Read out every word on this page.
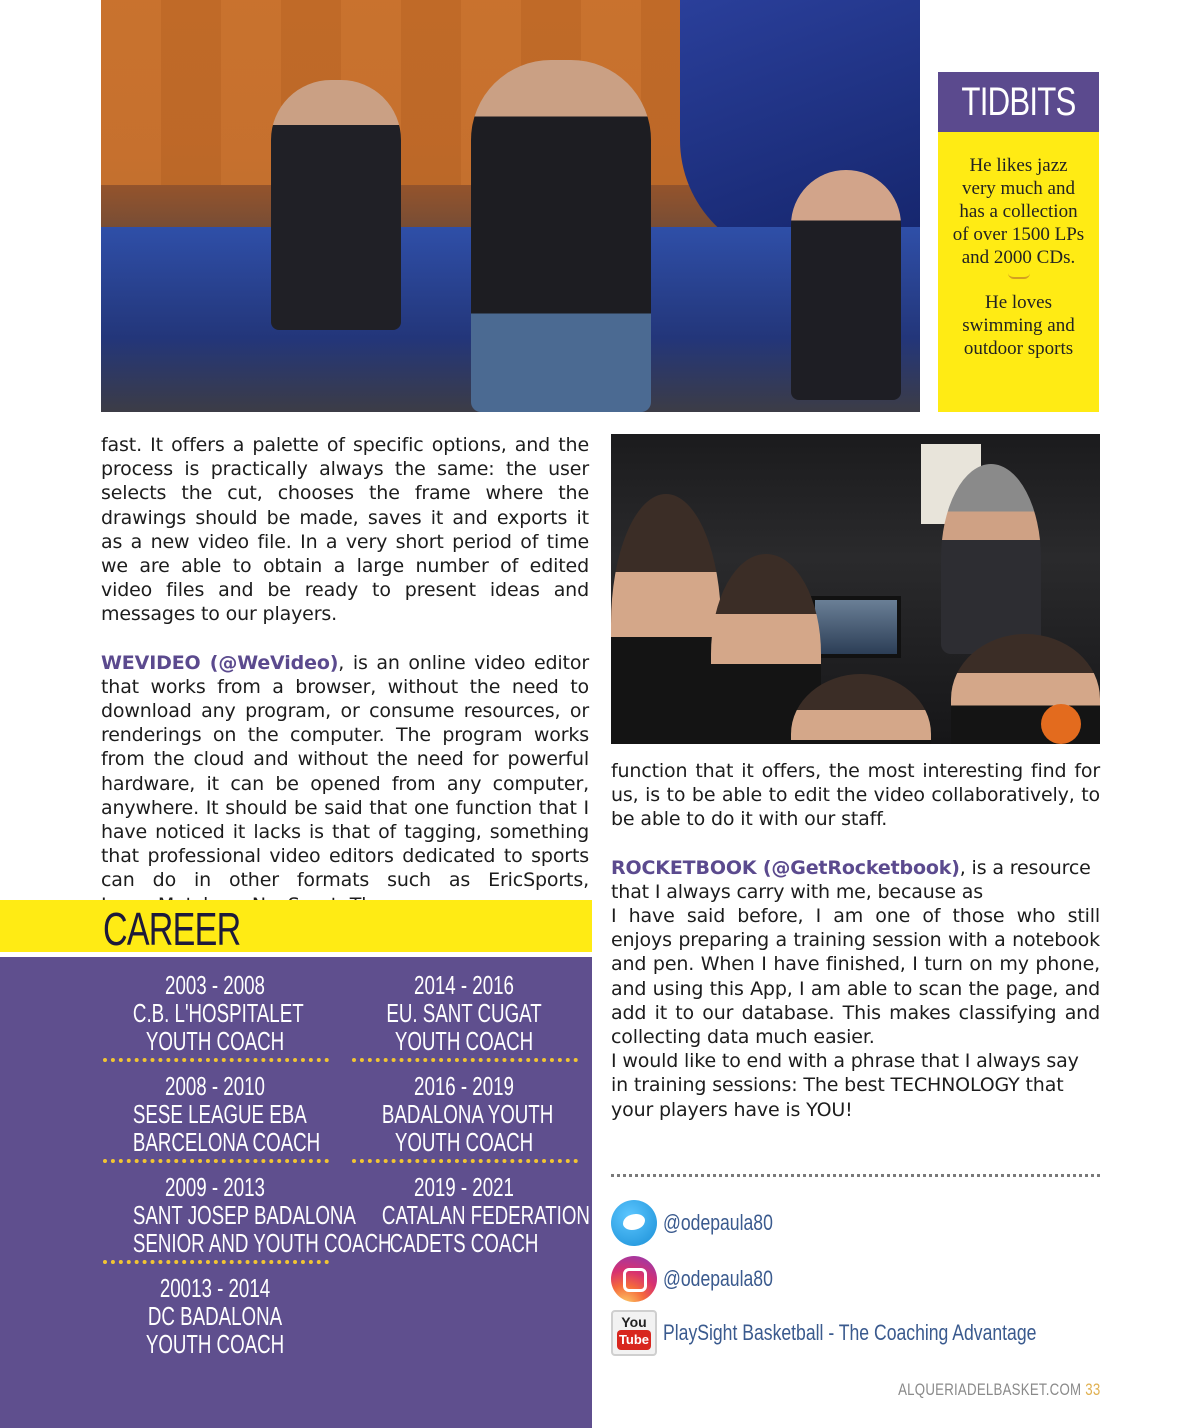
TIDBITS
He likes jazz very much and has a collection of over 1500 LPs and 2000 CDs.
He loves swimming and outdoor sports
fast. It offers a palette of specific options, and the process is practically always the same: the user selects the cut, chooses the frame where the drawings should be made, saves it and exports it as a new video file. In a very short period of time we are able to obtain a large number of edited video files and be ready to present ideas and messages to our players.
WEVIDEO (@WeVideo), is an online video editor that works from a browser, without the need to download any program, or consume resources, or renderings on the computer. The program works from the cloud and without the need for powerful hardware, it can be opened from any computer, anywhere. It should be said that one function that I have noticed it lacks is that of tagging, something that professional video editors dedicated to sports can do in other formats such as EricSports,
function that it offers, the most interesting find for us, is to be able to edit the video collaboratively, to be able to do it with our staff.
ROCKETBOOK (@GetRocketbook), is a resource that I always carry with me, because as
I have said before, I am one of those who still enjoys preparing a training session with a notebook and pen. When I have finished, I turn on my phone, and using this App, I am able to scan the page, and add it to our database. This makes classifying and collecting data much easier.
I would like to end with a phrase that I always say in training sessions: The best TECHNOLOGY that your players have is YOU!
CAREER
2003 - 2008
C.B. L'HOSPITALET
YOUTH COACH
2008 - 2010
SESE LEAGUE EBA
BARCELONA COACH
2009 - 2013
SANT JOSEP BADALONA
SENIOR AND YOUTH COACH
20013 - 2014
DC BADALONA
YOUTH COACH
2014 - 2016
EU. SANT CUGAT
YOUTH COACH
2016 - 2019
BADALONA YOUTH
YOUTH COACH
2019 - 2021
CATALAN FEDERATION
CADETS COACH
@odepaula80
@odepaula80
You
Tube PlaySight Basketball - The Coaching Advantage
ALQUERIADELBASKET.COM 33
